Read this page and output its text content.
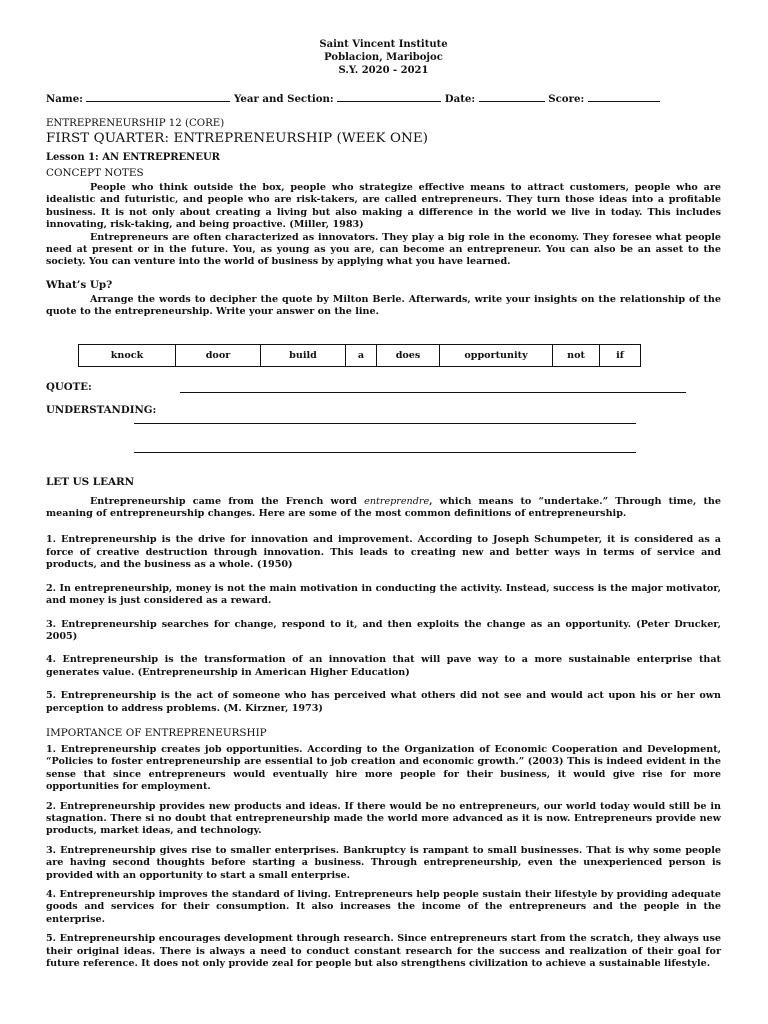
Saint Vincent Institute
Poblacion, Maribojoc
S.Y. 2020 - 2021
Name:	Year and Section:	Date:	Score:
ENTREPRENEURSHIP 12 (CORE)
FIRST QUARTER: ENTREPRENEURSHIP (WEEK ONE)
Lesson 1: AN ENTREPRENEUR
CONCEPT NOTES

People who think outside the box, people who strategize effective means to attract customers, people who are idealistic and futuristic, and people who are risk-takers, are called entrepreneurs. They turn those ideas into a profitable business. It is not only about creating a living but also making a difference in the world we live in today. This includes innovating, risk-taking, and being proactive. (Miller, 1983)

Entrepreneurs are often characterized as innovators. They play a big role in the economy. They foresee what people need at present or in the future. You, as young as you are, can become an entrepreneur. You can also be an asset to the society. You can venture into the world of business by applying what you have learned.

What’s Up?

Arrange the words to decipher the quote by Milton Berle. Afterwards, write your insights on the relationship of the quote to the entrepreneurship. Write your answer on the line.

knock	door	build	a	does	opportunity	not	if
QUOTE:
UNDERSTANDING:
LET US LEARN

Entrepreneurship came from the French word entreprendre, which means to “undertake.” Through time, the meaning of entrepreneurship changes. Here are some of the most common definitions of entrepreneurship.

1. Entrepreneurship is the drive for innovation and improvement. According to Joseph Schumpeter, it is considered as a force of creative destruction through innovation. This leads to creating new and better ways in terms of service and products, and the business as a whole. (1950)

2. In entrepreneurship, money is not the main motivation in conducting the activity. Instead, success is the major motivator, and money is just considered as a reward.

3. Entrepreneurship searches for change, respond to it, and then exploits the change as an opportunity. (Peter Drucker, 2005)

4. Entrepreneurship is the transformation of an innovation that will pave way to a more sustainable enterprise that generates value. (Entrepreneurship in American Higher Education)

5. Entrepreneurship is the act of someone who has perceived what others did not see and would act upon his or her own perception to address problems. (M. Kirzner, 1973)

IMPORTANCE OF ENTREPRENEURSHIP

1. Entrepreneurship creates job opportunities. According to the Organization of Economic Cooperation and Development, “Policies to foster entrepreneurship are essential to job creation and economic growth.” (2003) This is indeed evident in the sense that since entrepreneurs would eventually hire more people for their business, it would give rise for more opportunities for employment.

2. Entrepreneurship provides new products and ideas. If there would be no entrepreneurs, our world today would still be in stagnation. There si no doubt that entrepreneurship made the world more advanced as it is now. Entrepreneurs provide new products, market ideas, and technology.

3. Entrepreneurship gives rise to smaller enterprises. Bankruptcy is rampant to small businesses. That is why some people are having second thoughts before starting a business. Through entrepreneurship, even the unexperienced person is provided with an opportunity to start a small enterprise.

4. Entrepreneurship improves the standard of living. Entrepreneurs help people sustain their lifestyle by providing adequate goods and services for their consumption. It also increases the income of the entrepreneurs and the people in the enterprise.

5. Entrepreneurship encourages development through research. Since entrepreneurs start from the scratch, they always use their original ideas. There is always a need to conduct constant research for the success and realization of their goal for future reference. It does not only provide zeal for people but also strengthens civilization to achieve a sustainable lifestyle.
